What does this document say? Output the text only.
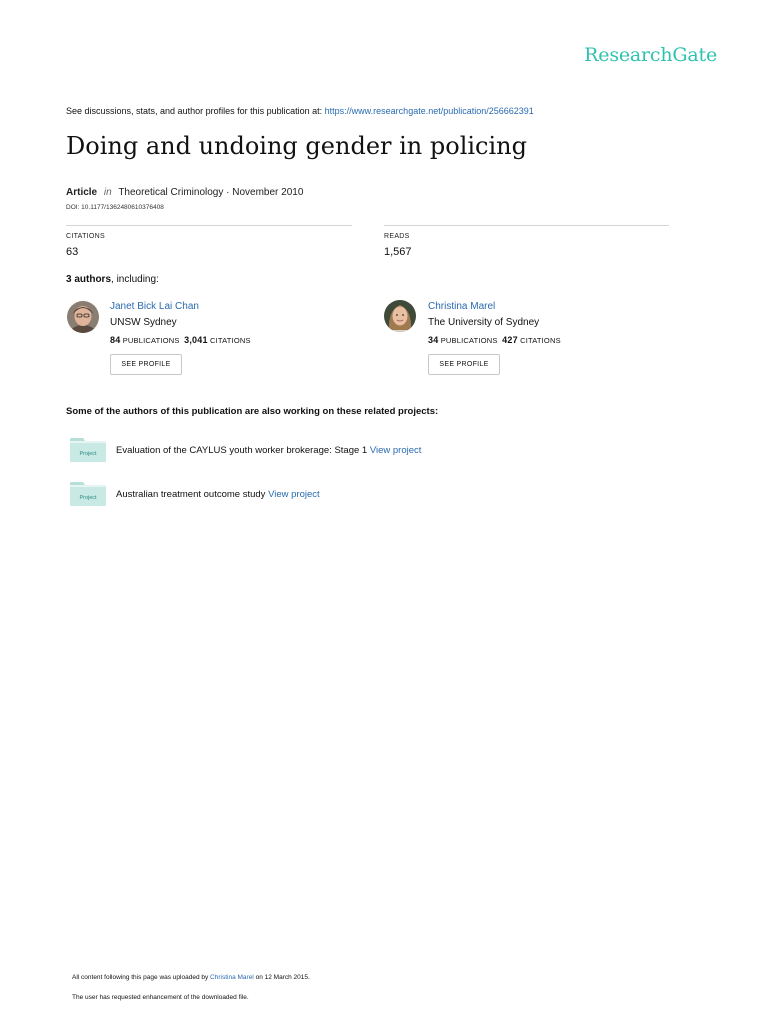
ResearchGate
See discussions, stats, and author profiles for this publication at: https://www.researchgate.net/publication/256662391
Doing and undoing gender in policing
Article in Theoretical Criminology · November 2010
DOI: 10.1177/1362480610376408
CITATIONS
63
READS
1,567
3 authors, including:
Janet Bick Lai Chan
UNSW Sydney
84 PUBLICATIONS 3,041 CITATIONS
SEE PROFILE
Christina Marel
The University of Sydney
34 PUBLICATIONS 427 CITATIONS
SEE PROFILE
Some of the authors of this publication are also working on these related projects:
Project Evaluation of the CAYLUS youth worker brokerage: Stage 1 View project
Project Australian treatment outcome study View project
All content following this page was uploaded by Christina Marel on 12 March 2015.
The user has requested enhancement of the downloaded file.
